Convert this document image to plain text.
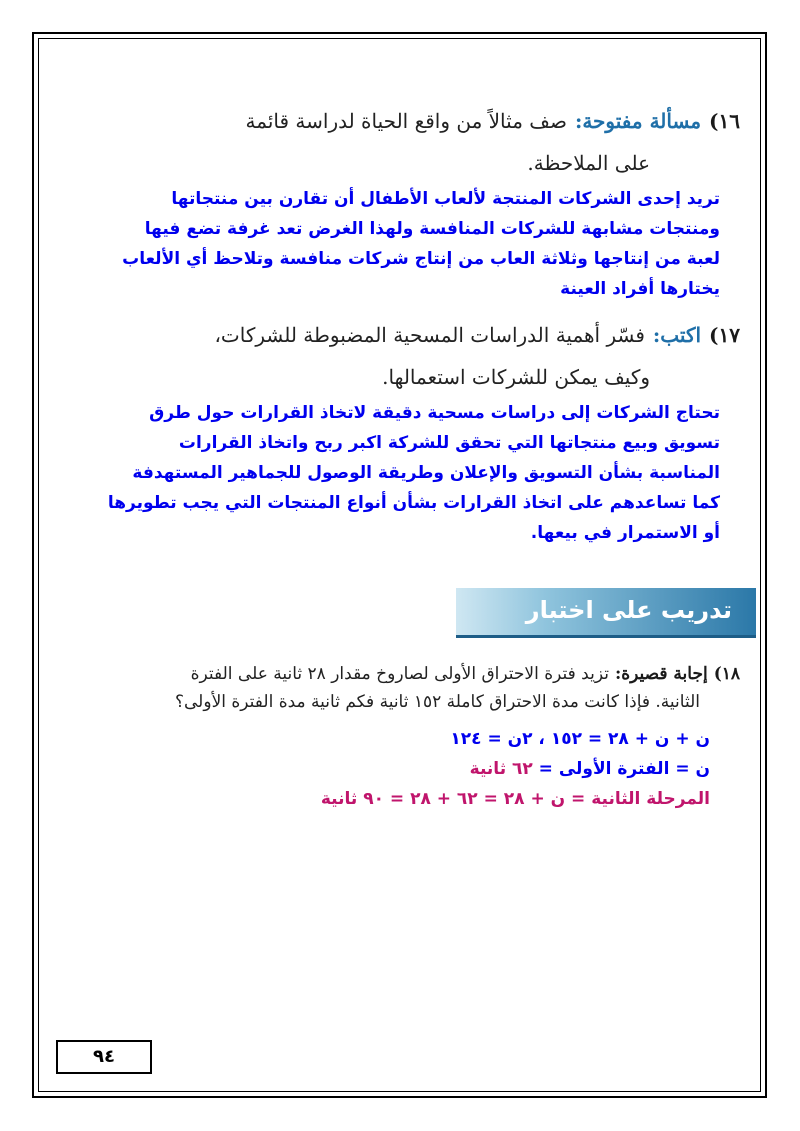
١٦)مسألة مفتوحة:صف مثالاً من واقع الحياة لدراسة قائمة
على الملاحظة.
تريد إحدى الشركات المنتجة لألعاب الأطفال أن تقارن بين منتجاتها
ومنتجات مشابهة للشركات المنافسة ولهذا الغرض تعد غرفة تضع فيها
لعبة من إنتاجها وثلاثة العاب من إنتاج شركات منافسة وتلاحظ أي الألعاب
يختارها أفراد العينة
١٧)اكتب:فسّر أهمية الدراسات المسحية المضبوطة للشركات،
وكيف يمكن للشركات استعمالها.
تحتاج الشركات إلى دراسات مسحية دقيقة لاتخاذ القرارات حول طرق
تسويق وبيع منتجاتها التي تحقق للشركة اكبر ربح واتخاذ القرارات
المناسبة بشأن التسويق والإعلان وطريقة الوصول للجماهير المستهدفة
كما تساعدهم على اتخاذ القرارات بشأن أنواع المنتجات التي يجب تطويرها
أو الاستمرار في بيعها.
تدريب على اختبار
١٨)إجابة قصيرة:تزيد فترة الاحتراق الأولى لصاروخ مقدار ٢٨ ثانية على الفترة
الثانية. فإذا كانت مدة الاحتراق كاملة ١٥٢ ثانية فكم ثانية مدة الفترة الأولى؟
ن + ن + ٢٨ = ١٥٢ ، ٢ن = ١٢٤
ن = الفترة الأولى = ٦٢ ثانية
المرحلة الثانية = ن + ٢٨ = ٦٢ + ٢٨ = ٩٠ ثانية
٩٤
